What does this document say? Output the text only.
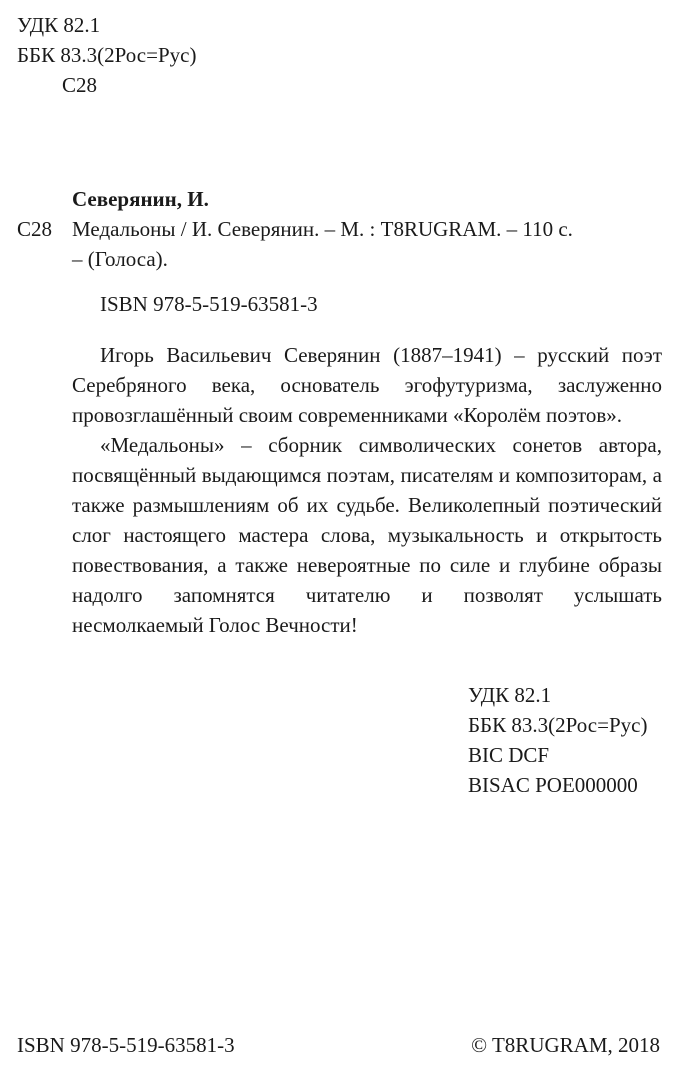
УДК 82.1
ББК 83.3(2Рос=Рус)
С28
Северянин, И.
С28 Медальоны / И. Северянин. – М. : T8RUGRAM. – 110 с.
– (Голоса).
ISBN 978-5-519-63581-3

Игорь Васильевич Северянин (1887–1941) – русский поэт Серебряного века, основатель эгофутуризма, заслуженно провозглашённый своим современниками «Королём поэтов».

«Медальоны» – сборник символических сонетов автора, посвящённый выдающимся поэтам, писателям и композиторам, а также размышлениям об их судьбе. Великолепный поэтический слог настоящего мастера слова, музыкальность и открытость повествования, а также невероятные по силе и глубине образы надолго запомнятся читателю и позволят услышать несмолкаемый Голос Вечности!

УДК 82.1
ББК 83.3(2Рос=Рус)
BIC DCF
BISAC POE000000
ISBN 978-5-519-63581-3	© T8RUGRAM, 2018
